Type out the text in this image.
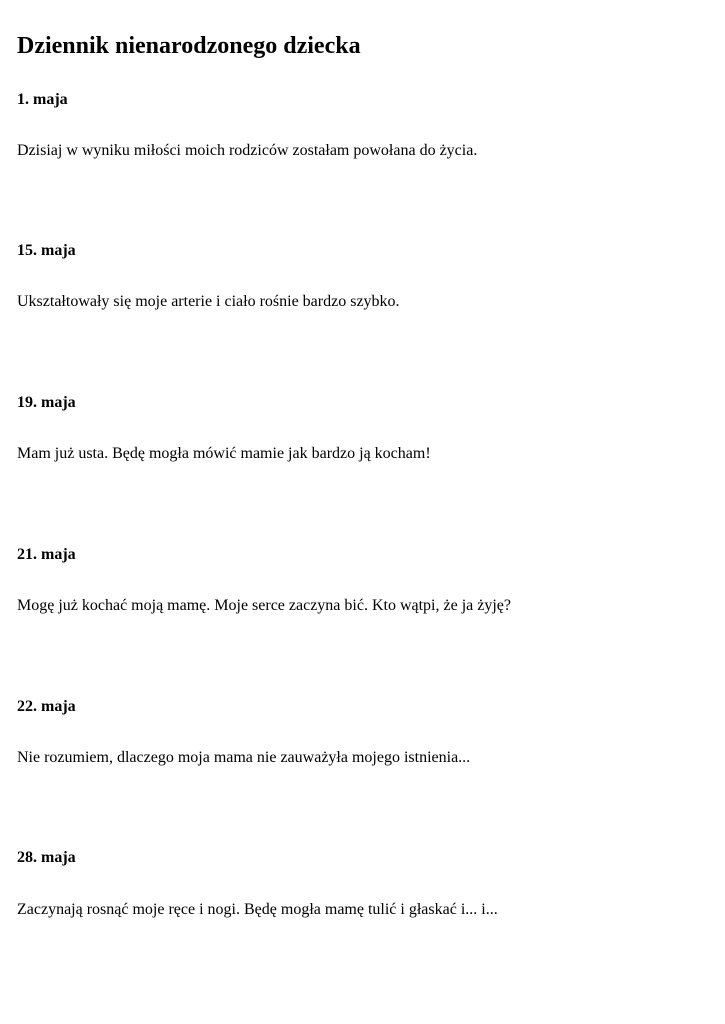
Dziennik nienarodzonego dziecka
1. maja

Dzisiaj w wyniku miłości moich rodziców zostałam powołana do życia.

15. maja

Ukształtowały się moje arterie i ciało rośnie bardzo szybko.

19. maja

Mam już usta. Będę mogła mówić mamie jak bardzo ją kocham!

21. maja

Mogę już kochać moją mamę. Moje serce zaczyna bić. Kto wątpi, że ja żyję?

22. maja

Nie rozumiem, dlaczego moja mama nie zauważyła mojego istnienia...

28. maja

Zaczynają rosnąć moje ręce i nogi. Będę mogła mamę tulić i głaskać i... i...
